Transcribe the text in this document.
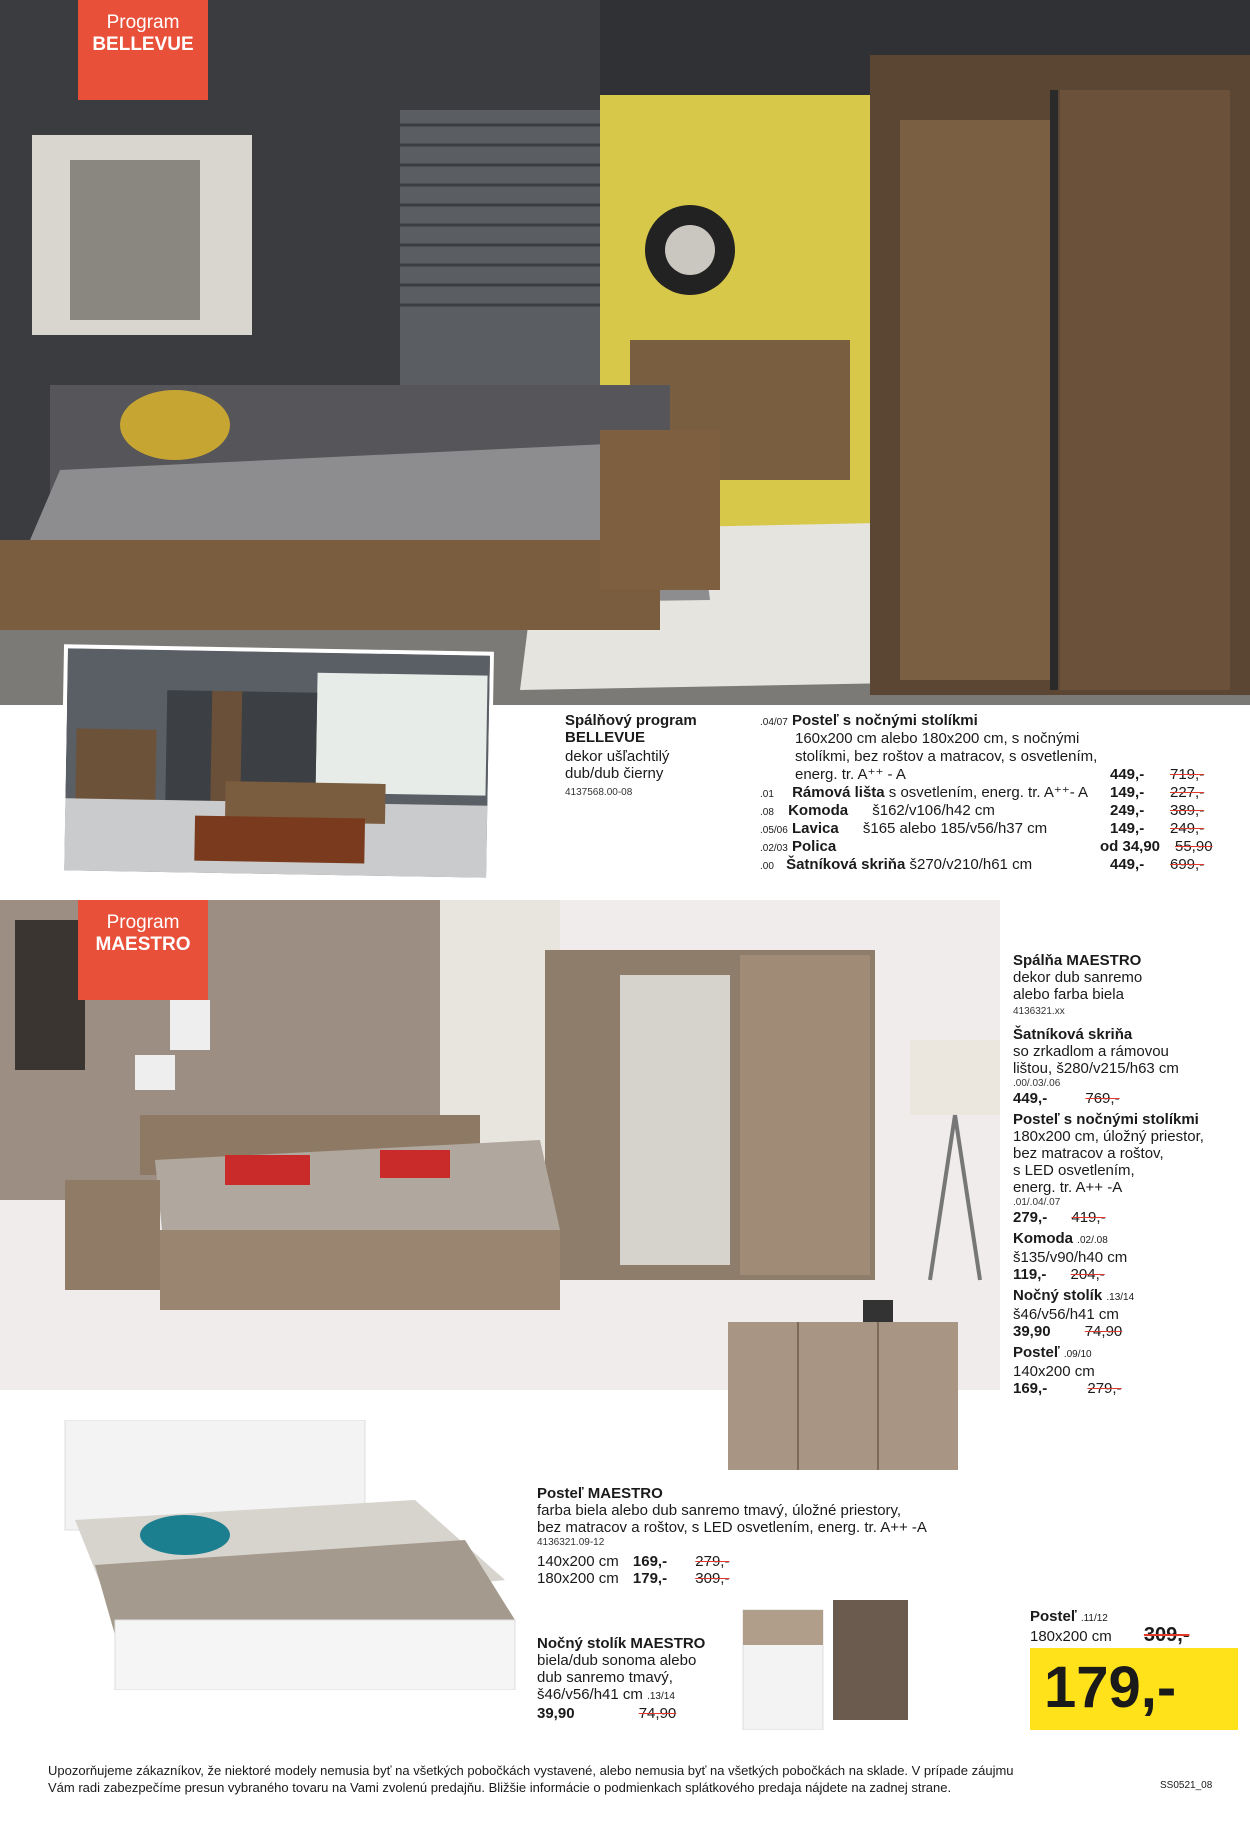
Program
BELLEVUE
Spálňový program BELLEVUE
dekor ušľachtilý
dub/dub čierny
4137568.00-08
.04/07 Posteľ s nočnými stolíkmi
160x200 cm alebo 180x200 cm, s nočnými
stolíkmi, bez roštov a matracov, s osvetlením,
energ. tr. A⁺⁺ - A	449,- 719,-
.01 Rámová lišta s osvetlením, energ. tr. A⁺⁺- A 149,- 227,-
.08 Komoda š162/v106/h42 cm	249,- 389,-
.05/06 Lavica š165 alebo 185/v56/h37 cm	149,- 249,-
.02/03 Polica	od 34,90 55,90
.00 Šatníková skriňa š270/v210/h61 cm	449,- 699,-
Program
MAESTRO
Spálňa MAESTRO
dekor dub sanremo
alebo farba biela
4136321.xx
Šatníková skriňa
so zrkadlom a rámovou
lištou, š280/v215/h63 cm
.00/.03/.06
449,-	769,-
Posteľ s nočnými stolíkmi
180x200 cm, úložný priestor,
bez matracov a roštov,
s LED osvetlením,
energ. tr. A++ -A
.01/.04/.07
279,- 419,-
Komoda .02/.08
š135/v90/h40 cm
119,- 204,-
Nočný stolík .13/14
š46/v56/h41 cm
39,90 74,90
Posteľ .09/10
140x200 cm
169,-	279,-
Posteľ MAESTRO
farba biela alebo dub sanremo tmavý, úložné priestory,
bez matracov a roštov, s LED osvetlením, energ. tr. A++ -A
4136321.09-12
140x200 cm 169,- 279,-
180x200 cm 179,- 309,-
Nočný stolík MAESTRO
biela/dub sonoma alebo
dub sanremo tmavý,
š46/v56/h41 cm .13/14
39,90	74,90
Posteľ .11/12
180x200 cm 309,-
179,-
Upozorňujeme zákazníkov, že niektoré modely nemusia byť na všetkých pobočkách vystavené, alebo nemusia byť na všetkých pobočkách na sklade. V prípade záujmu
Vám radi zabezpečíme presun vybraného tovaru na Vami zvolenú predajňu. Bližšie informácie o podmienkach splátkového predaja nájdete na zadnej strane.	SS0521_08
